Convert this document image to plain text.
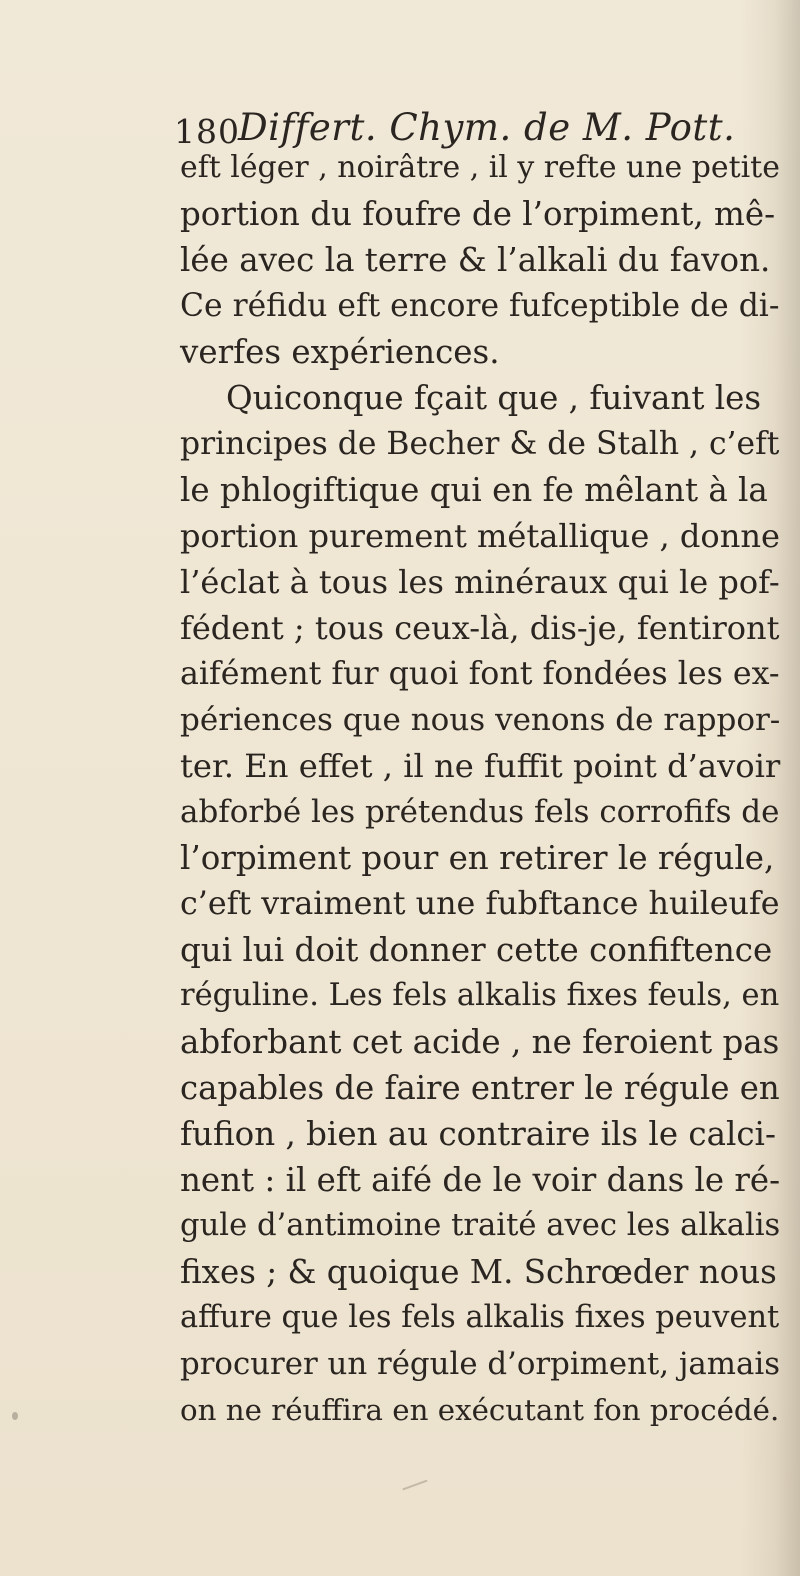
180
Differt. Chym. de M. Pott.
eft léger , noirâtre , il y refte une petite
portion du foufre de l’orpiment, mê-
lée avec la terre & l’alkali du favon.
Ce réfidu eft encore fufceptible de di-
verfes expériences.
Quiconque fçait que , fuivant les
principes de Becher & de Stalh , c’eft
le phlogiftique qui en fe mêlant à la
portion purement métallique , donne
l’éclat à tous les minéraux qui le pof-
fédent ; tous ceux-là, dis-je, fentiront
aifément fur quoi font fondées les ex-
périences que nous venons de rappor-
ter. En effet , il ne fuffit point d’avoir
abforbé les prétendus fels corrofifs de
l’orpiment pour en retirer le régule,
c’eft vraiment une fubftance huileufe
qui lui doit donner cette confiftence
réguline. Les fels alkalis fixes feuls, en
abforbant cet acide , ne feroient pas
capables de faire entrer le régule en
fufion , bien au contraire ils le calci-
nent : il eft aifé de le voir dans le ré-
gule d’antimoine traité avec les alkalis
fixes ; & quoique M. Schrœder nous
affure que les fels alkalis fixes peuvent
procurer un régule d’orpiment, jamais
on ne réuffira en exécutant fon procédé.
